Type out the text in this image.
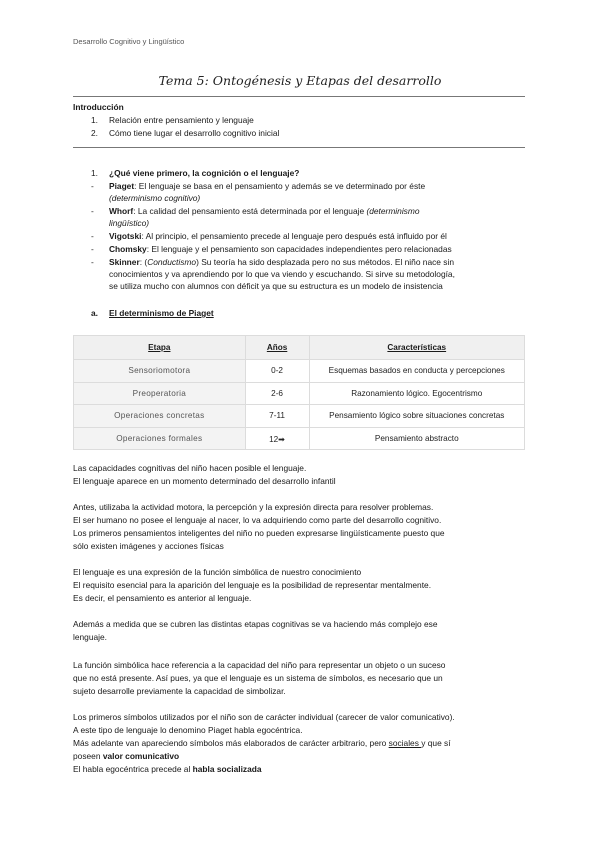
Desarrollo Cognitivo y Lingüístico
Tema 5: Ontogénesis y Etapas del desarrollo
Introducción
1. Relación entre pensamiento y lenguaje
2. Cómo tiene lugar el desarrollo cognitivo inicial
1. ¿Qué viene primero, la cognición o el lenguaje?
- Piaget: El lenguaje se basa en el pensamiento y además se ve determinado por éste
(determinismo cognitivo)
- Whorf: La calidad del pensamiento está determinada por el lenguaje (determinismo
lingüístico)
- Vigotski: Al principio, el pensamiento precede al lenguaje pero después está influido por él
- Chomsky: El lenguaje y el pensamiento son capacidades independientes pero relacionadas
- Skinner: (Conductismo) Su teoría ha sido desplazada pero no sus métodos. El niño nace sin
conocimientos y va aprendiendo por lo que va viendo y escuchando. Si sirve su metodología,
se utiliza mucho con alumnos con déficit ya que su estructura es un modelo de insistencia
a. El determinismo de Piaget
Etapa	Años	Características
Sensoriomotora	0-2	Esquemas basados en conducta y percepciones
Preoperatoria	2-6	Razonamiento lógico. Egocentrismo
Operaciones concretas	7-11	Pensamiento lógico sobre situaciones concretas
Operaciones formales	12➡	Pensamiento abstracto
Las capacidades cognitivas del niño hacen posible el lenguaje.
El lenguaje aparece en un momento determinado del desarrollo infantil
Antes, utilizaba la actividad motora, la percepción y la expresión directa para resolver problemas.
El ser humano no posee el lenguaje al nacer, lo va adquiriendo como parte del desarrollo cognitivo.
Los primeros pensamientos inteligentes del niño no pueden expresarse lingüísticamente puesto que
sólo existen imágenes y acciones físicas
El lenguaje es una expresión de la función simbólica de nuestro conocimiento
El requisito esencial para la aparición del lenguaje es la posibilidad de representar mentalmente.
Es decir, el pensamiento es anterior al lenguaje.
Además a medida que se cubren las distintas etapas cognitivas se va haciendo más complejo ese
lenguaje.
La función simbólica hace referencia a la capacidad del niño para representar un objeto o un suceso
que no está presente. Así pues, ya que el lenguaje es un sistema de símbolos, es necesario que un
sujeto desarrolle previamente la capacidad de simbolizar.
Los primeros símbolos utilizados por el niño son de carácter individual (carecer de valor comunicativo).
A este tipo de lenguaje lo denomino Piaget habla egocéntrica.
Más adelante van apareciendo símbolos más elaborados de carácter arbitrario, pero sociales y que sí
poseen valor comunicativo
El habla egocéntrica precede al habla socializada
